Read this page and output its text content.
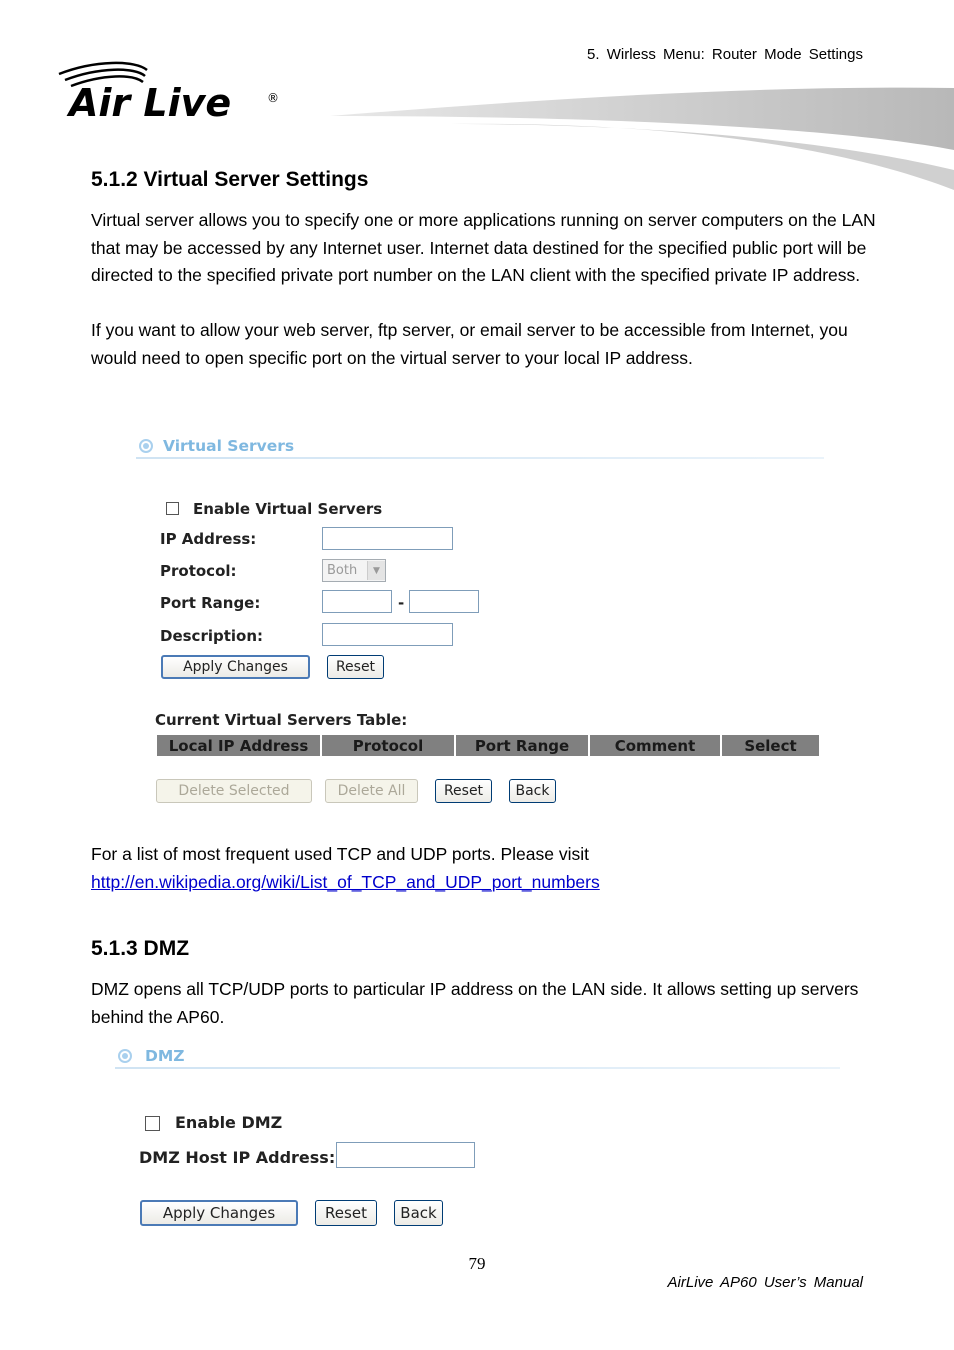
5. Wirless Menu: Router Mode Settings
Air Live	®
5.1.2 Virtual Server Settings

Virtual server allows you to specify one or more applications running on server computers on the LAN that may be accessed by any Internet user. Internet data destined for the specified public port will be directed to the specified private port number on the LAN client with the specified private IP address.

If you want to allow your web server, ftp server, or email server to be accessible from Internet, you would need to open specific port on the virtual server to your local IP address.

Virtual Servers
Enable Virtual Servers
IP Address:
Protocol:	Both	▼
Port Range:	-
Description:
Apply Changes	Reset
Current Virtual Servers Table:
Local IP Address	Protocol	Port Range	Comment	Select
Delete Selected	Delete All	Reset	Back

For a list of most frequent used TCP and UDP ports. Please visit

http://en.wikipedia.org/wiki/List_of_TCP_and_UDP_port_numbers

5.1.3 DMZ

DMZ opens all TCP/UDP ports to particular IP address on the LAN side. It allows setting up servers behind the AP60.

DMZ
Enable DMZ
DMZ Host IP Address:
Apply Changes	Reset	Back
79
AirLive AP60 User’s Manual
